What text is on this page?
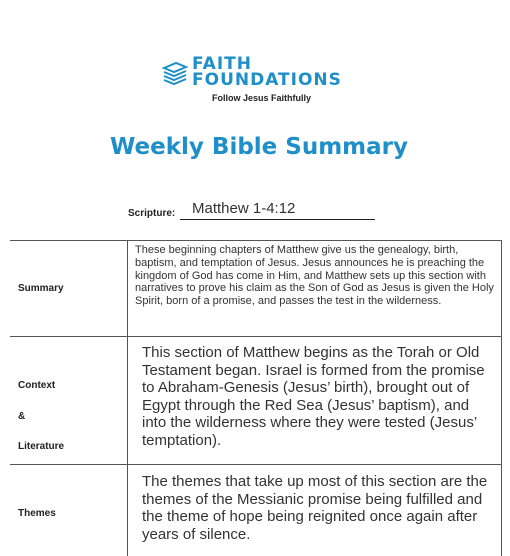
FAITH
FOUNDATIONS
Follow Jesus Faithfully
Weekly Bible Summary
Scripture:	Matthew 1-4:12
Summary
These beginning chapters of Matthew give us the genealogy, birth, baptism, and temptation of Jesus. Jesus announces he is preaching the kingdom of God has come in Him, and Matthew sets up this section with narratives to prove his claim as the Son of God as Jesus is given the Holy Spirit, born of a promise, and passes the test in the wilderness.
Context
&
Literature
This section of Matthew begins as the Torah or Old Testament began. Israel is formed from the promise to Abraham-Genesis (Jesus’ birth), brought out of Egypt through the Red Sea (Jesus’ baptism), and into the wilderness where they were tested (Jesus’ temptation).
Themes
The themes that take up most of this section are the themes of the Messianic promise being fulfilled and the theme of hope being reignited once again after years of silence.
